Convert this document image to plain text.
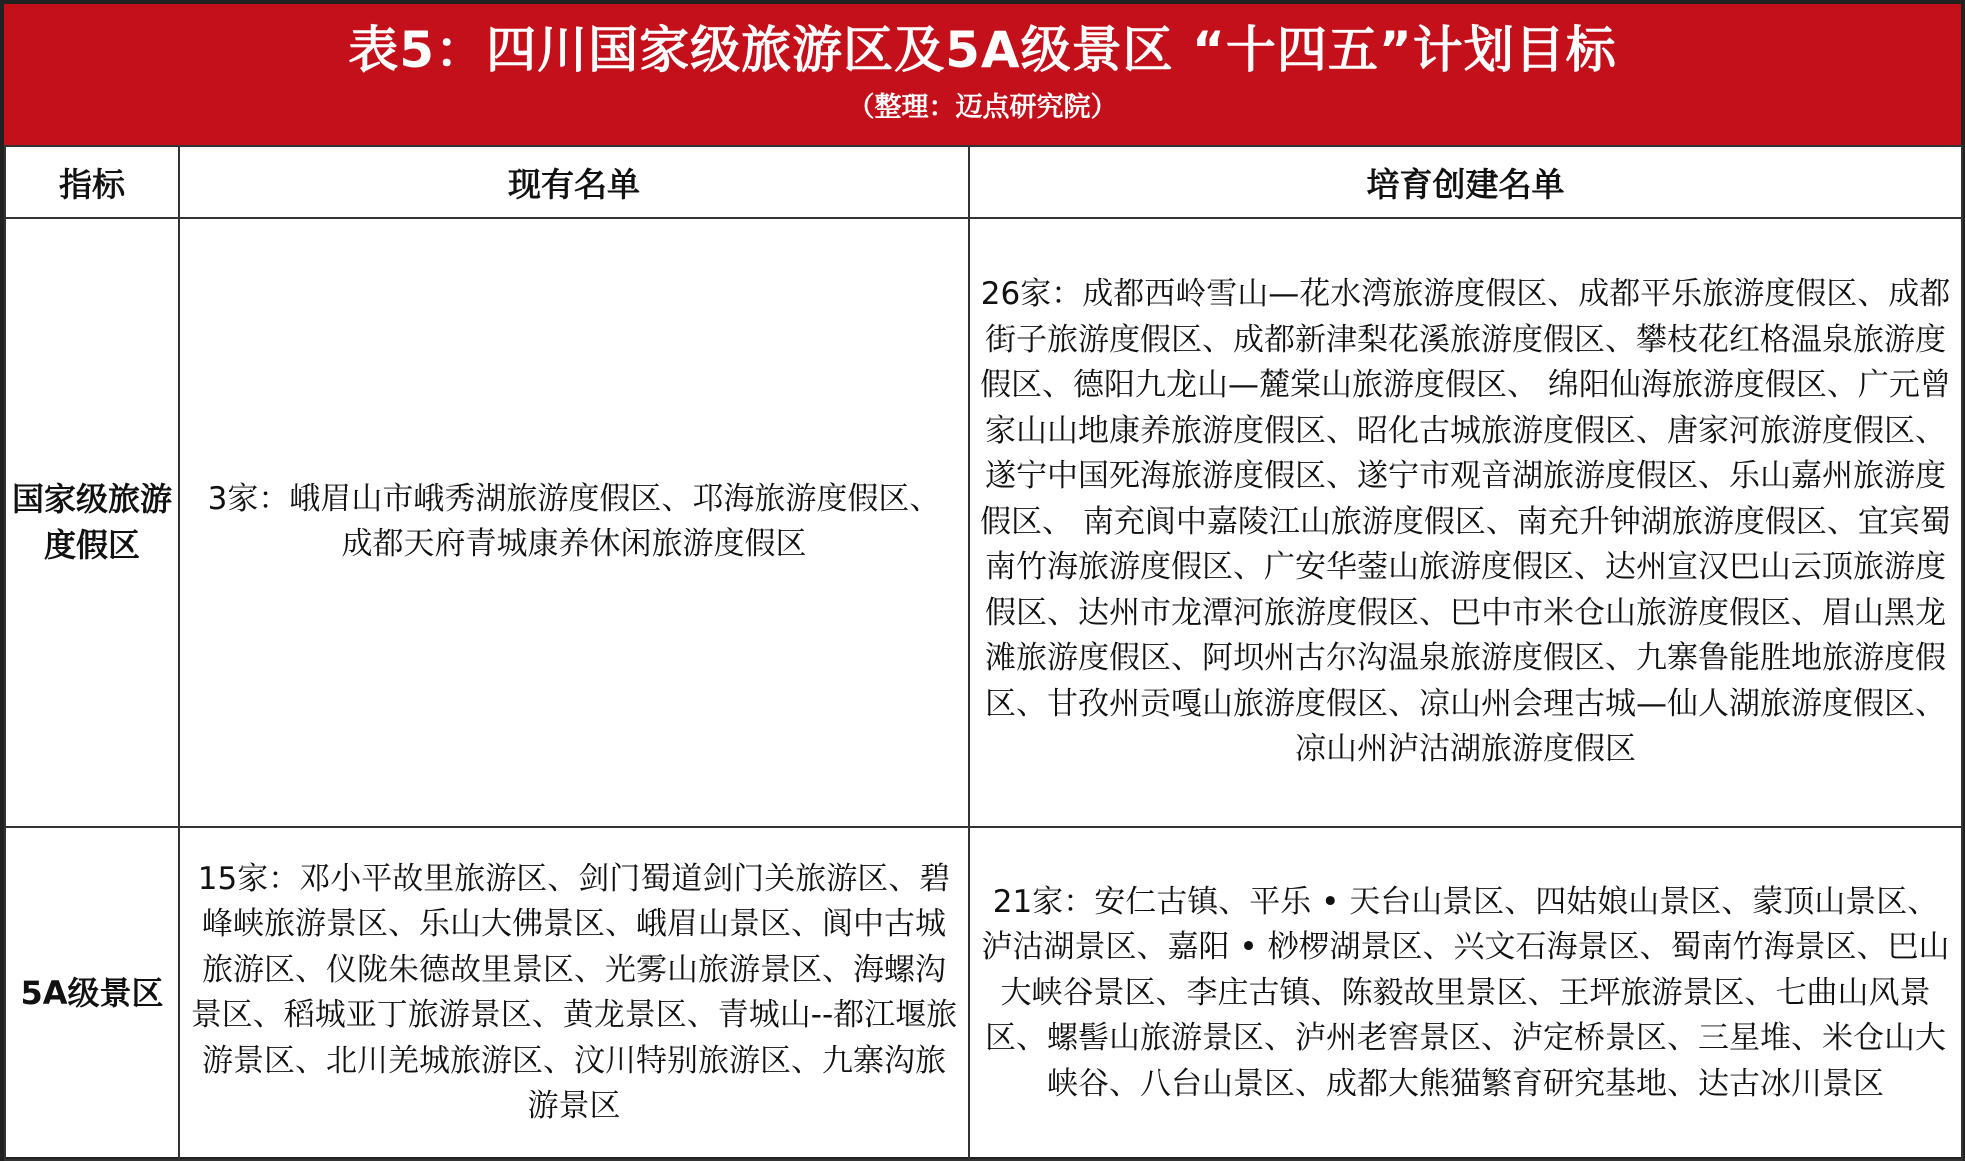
表5：四川国家级旅游区及5A级景区 “十四五”计划目标
（整理：迈点研究院）
指标	现有名单	培育创建名单
国家级旅游度假区	3家：峨眉山市峨秀湖旅游度假区、邛海旅游度假区、成都天府青城康养休闲旅游度假区	26家：成都西岭雪山—花水湾旅游度假区、成都平乐旅游度假区、成都街子旅游度假区、成都新津梨花溪旅游度假区、攀枝花红格温泉旅游度假区、德阳九龙山—麓棠山旅游度假区、 绵阳仙海旅游度假区、广元曾家山山地康养旅游度假区、昭化古城旅游度假区、唐家河旅游度假区、遂宁中国死海旅游度假区、遂宁市观音湖旅游度假区、乐山嘉州旅游度假区、 南充阆中嘉陵江山旅游度假区、南充升钟湖旅游度假区、宜宾蜀南竹海旅游度假区、广安华蓥山旅游度假区、达州宣汉巴山云顶旅游度假区、达州市龙潭河旅游度假区、巴中市米仓山旅游度假区、眉山黑龙滩旅游度假区、阿坝州古尔沟温泉旅游度假区、九寨鲁能胜地旅游度假区、甘孜州贡嘎山旅游度假区、凉山州会理古城—仙人湖旅游度假区、凉山州泸沽湖旅游度假区
5A级景区	15家：邓小平故里旅游区、剑门蜀道剑门关旅游区、碧峰峡旅游景区、乐山大佛景区、峨眉山景区、阆中古城旅游区、仪陇朱德故里景区、光雾山旅游景区、海螺沟景区、稻城亚丁旅游景区、黄龙景区、青城山--都江堰旅游景区、北川羌城旅游区、汶川特别旅游区、九寨沟旅游景区	21家：安仁古镇、平乐 • 天台山景区、四姑娘山景区、蒙顶山景区、泸沽湖景区、嘉阳 • 桫椤湖景区、兴文石海景区、蜀南竹海景区、巴山大峡谷景区、李庄古镇、陈毅故里景区、王坪旅游景区、七曲山风景区、螺髻山旅游景区、泸州老窖景区、泸定桥景区、三星堆、米仓山大峡谷、八台山景区、成都大熊猫繁育研究基地、达古冰川景区
